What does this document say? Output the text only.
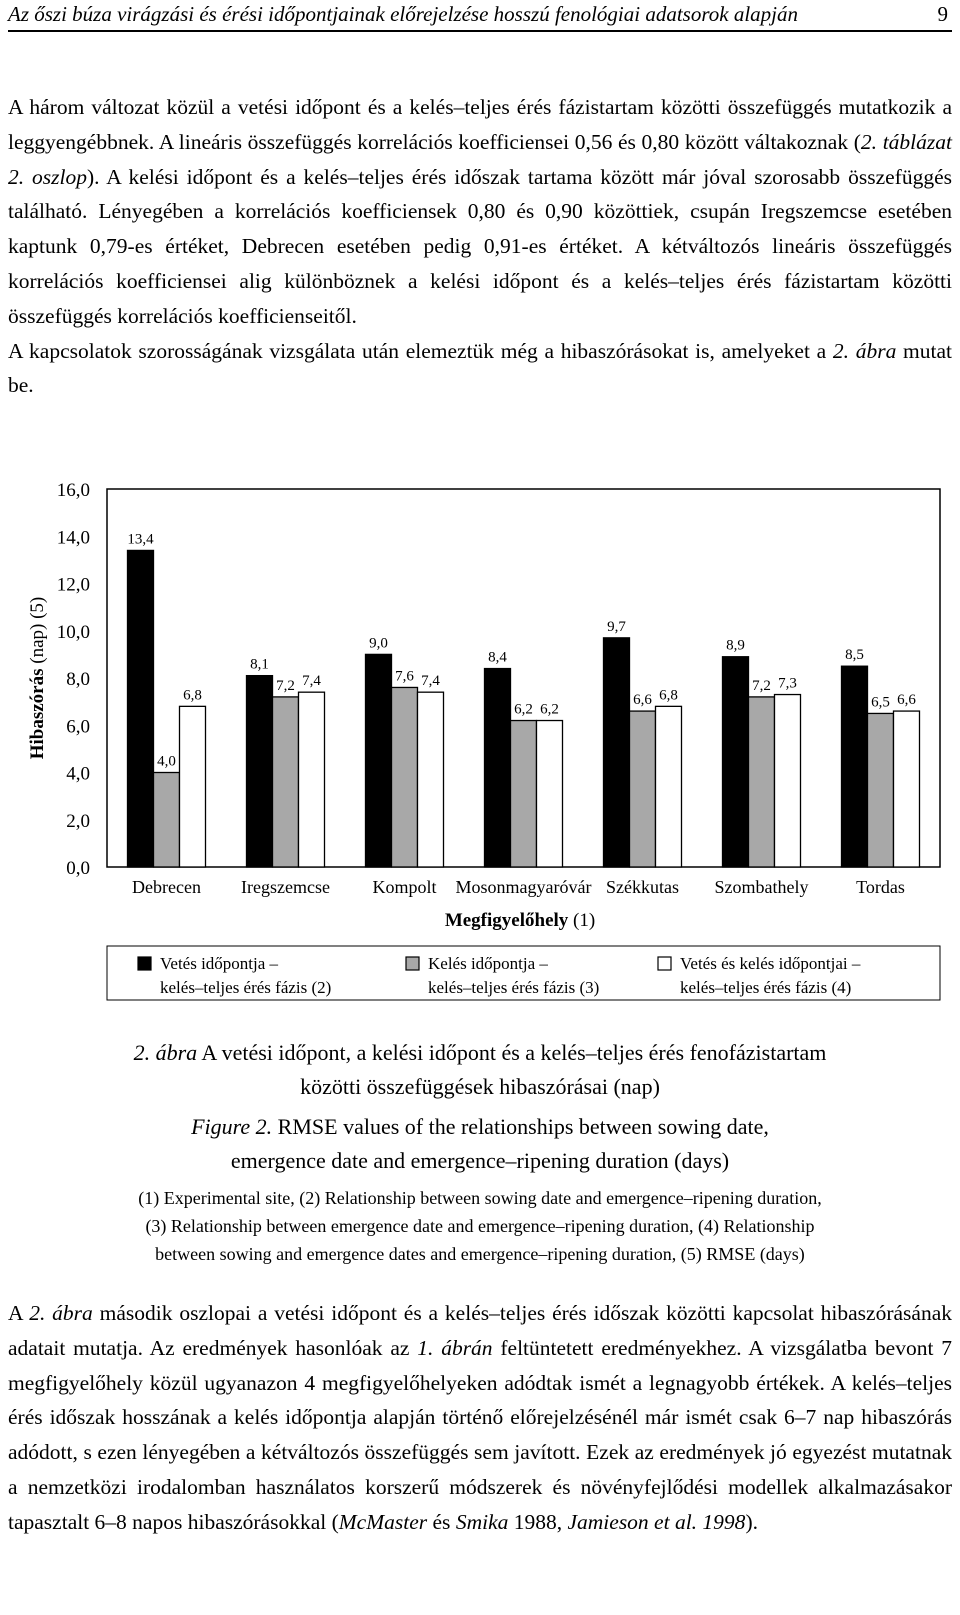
Az őszi búza virágzási és érési időpontjainak előrejelzése hosszú fenológiai adatsorok alapján	9

A három változat közül a vetési időpont és a kelés–teljes érés fázistartam közötti összefüggés mutatkozik a leggyengébbnek. A lineáris összefüggés korrelációs koefficiensei 0,56 és 0,80 között váltakoznak (2. táblázat 2. oszlop). A kelési időpont és a kelés–teljes érés időszak tartama között már jóval szorosabb összefüggés található. Lényegében a korrelációs koefficiensek 0,80 és 0,90 közöttiek, csupán Iregszemcse esetében kaptunk 0,79-es értéket, Debrecen esetében pedig 0,91-es értéket. A kétváltozós lineáris összefüggés korrelációs koefficiensei alig különböznek a kelési időpont és a kelés–teljes érés fázistartam közötti összefüggés korrelációs koefficienseitől.
A kapcsolatok szorosságának vizsgálata után elemeztük még a hibaszórásokat is, amelyeket a 2. ábra mutat be.

0,0
2,0
4,0
6,0
8,0
10,0
12,0
14,0
16,0
13,4
4,0
6,8
8,1
7,2 7,4
9,0
7,6 7,4
8,4
6,2 6,2
9,7
6,6 6,8
8,9
7,2 7,3
8,5
6,5 6,6
Debrecen Iregszemcse Kompolt Mosonmagyaróvár Székkutas Szombathely	Tordas
Megfigyelőhely (1)
Hibaszórás (nap) (5)
Vetés időpontja –
kelés–teljes érés fázis (2)
Kelés időpontja –
kelés–teljes érés fázis (3)
Vetés és kelés időpontjai –
kelés–teljes érés fázis (4)

2. ábra A vetési időpont, a kelési időpont és a kelés–teljes érés fenofázistartam
közötti összefüggések hibaszórásai (nap)

Figure 2. RMSE values of the relationships between sowing date,
emergence date and emergence–ripening duration (days)

(1) Experimental site, (2) Relationship between sowing date and emergence–ripening duration,
(3) Relationship between emergence date and emergence–ripening duration, (4) Relationship
between sowing and emergence dates and emergence–ripening duration, (5) RMSE (days)

A 2. ábra második oszlopai a vetési időpont és a kelés–teljes érés időszak közötti kapcsolat hibaszórásának adatait mutatja. Az eredmények hasonlóak az 1. ábrán feltüntetett eredményekhez. A vizsgálatba bevont 7 megfigyelőhely közül ugyanazon 4 megfigyelőhelyeken adódtak ismét a legnagyobb értékek. A kelés–teljes érés időszak hosszának a kelés időpontja alapján történő előrejelzésénél már ismét csak 6–7 nap hibaszórás adódott, s ezen lényegében a kétváltozós összefüggés sem javított. Ezek az eredmények jó egyezést mutatnak a nemzetközi irodalomban használatos korszerű módszerek és növényfejlődési modellek alkalmazásakor tapasztalt 6–8 napos hibaszórásokkal (McMaster és Smika 1988, Jamieson et al. 1998).
